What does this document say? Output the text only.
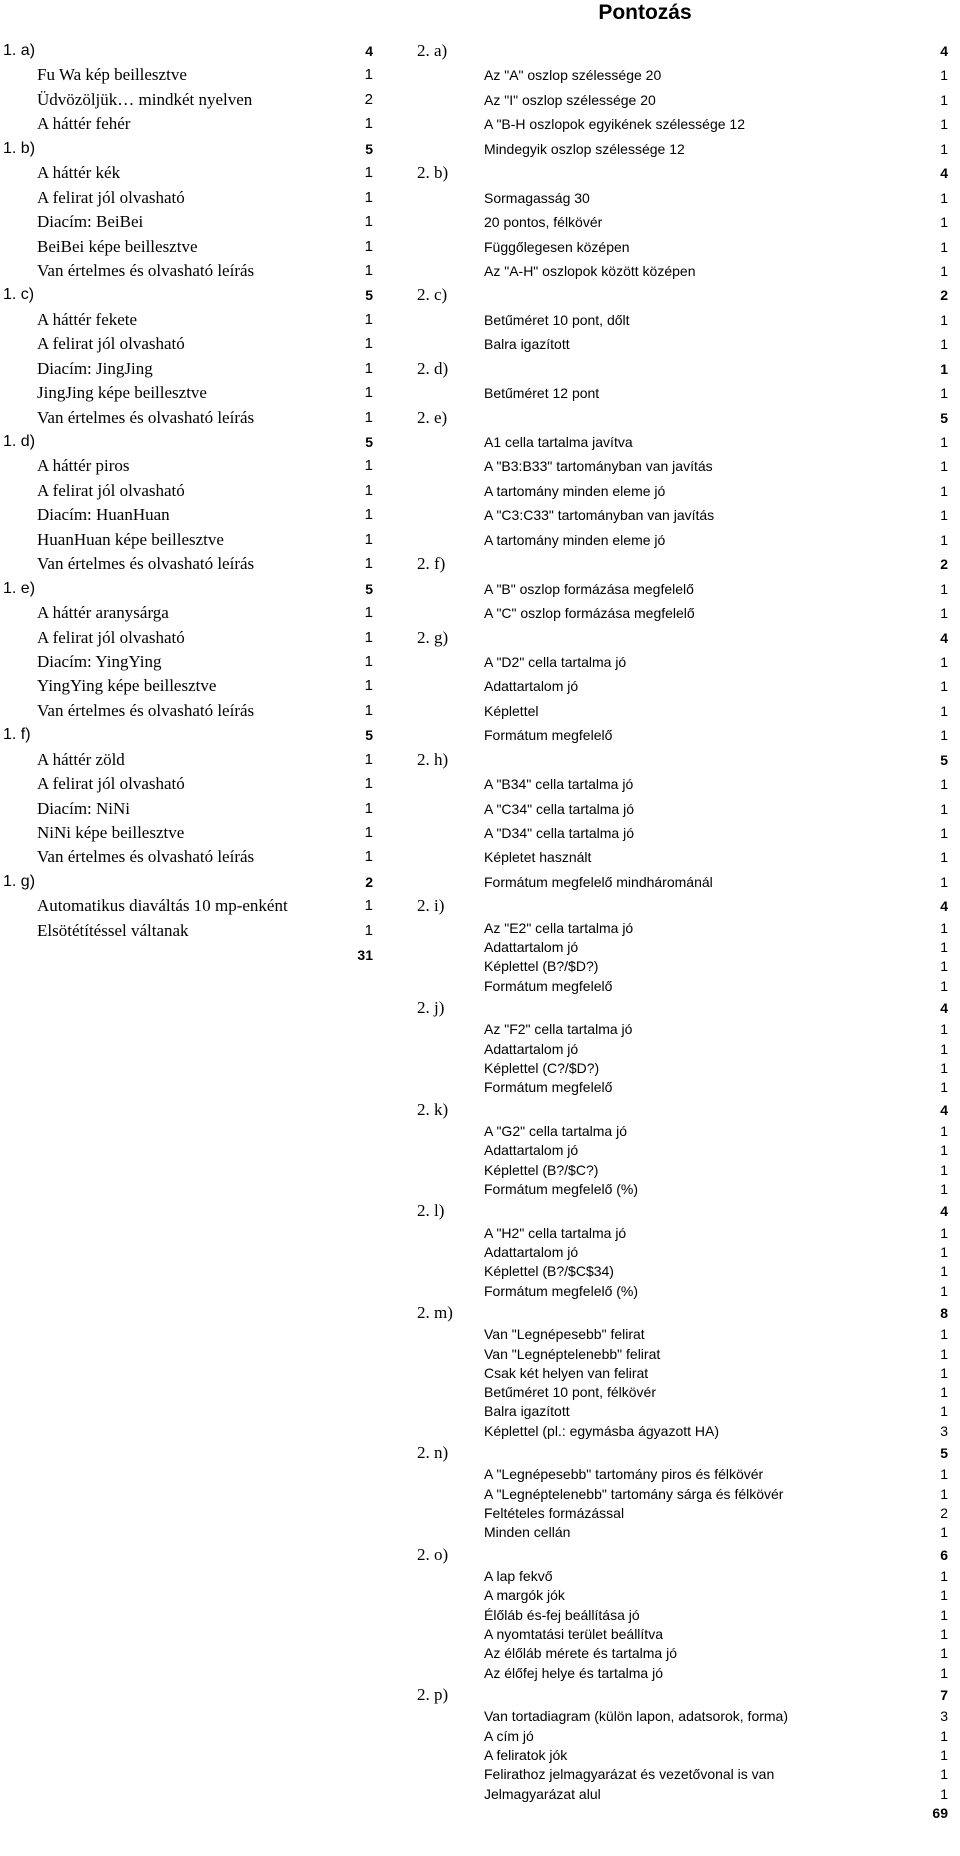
Pontozás
1. a)	4
Fu Wa kép beillesztve	1
Üdvözöljük… mindkét nyelven	2
A háttér fehér	1
1. b)	5
A háttér kék	1
A felirat jól olvasható	1
Diacím: BeiBei	1
BeiBei képe beillesztve	1
Van értelmes és olvasható leírás	1
1. c)	5
A háttér fekete	1
A felirat jól olvasható	1
Diacím: JingJing	1
JingJing képe beillesztve	1
Van értelmes és olvasható leírás	1
1. d)	5
A háttér piros	1
A felirat jól olvasható	1
Diacím: HuanHuan	1
HuanHuan képe beillesztve	1
Van értelmes és olvasható leírás	1
1. e)	5
A háttér aranysárga	1
A felirat jól olvasható	1
Diacím: YingYing	1
YingYing képe beillesztve	1
Van értelmes és olvasható leírás	1
1. f)	5
A háttér zöld	1
A felirat jól olvasható	1
Diacím: NiNi	1
NiNi képe beillesztve	1
Van értelmes és olvasható leírás	1
1. g)	2
Automatikus diaváltás 10 mp-enként	1
Elsötétítéssel váltanak	1
31
2. a)	4
Az "A" oszlop szélessége 20	1
Az "I" oszlop szélessége 20	1
A "B-H oszlopok egyikének szélessége 12	1
Mindegyik oszlop szélessége 12	1
2. b)	4
Sormagasság 30	1
20 pontos, félkövér	1
Függőlegesen középen	1
Az "A-H" oszlopok között középen	1
2. c)	2
Betűméret 10 pont, dőlt	1
Balra igazított	1
2. d)	1
Betűméret 12 pont	1
2. e)	5
A1 cella tartalma javítva	1
A "B3:B33" tartományban van javítás	1
A tartomány minden eleme jó	1
A "C3:C33" tartományban van javítás	1
A tartomány minden eleme jó	1
2. f)	2
A "B" oszlop formázása megfelelő	1
A "C" oszlop formázása megfelelő	1
2. g)	4
A "D2" cella tartalma jó	1
Adattartalom jó	1
Képlettel	1
Formátum megfelelő	1
2. h)	5
A "B34" cella tartalma jó	1
A "C34" cella tartalma jó	1
A "D34" cella tartalma jó	1
Képletet használt	1
Formátum megfelelő mindhárománál	1
2. i)	4
Az "E2" cella tartalma jó	1
Adattartalom jó	1
Képlettel (B?/$D?)	1
Formátum megfelelő	1
2. j)	4
Az "F2" cella tartalma jó	1
Adattartalom jó	1
Képlettel (C?/$D?)	1
Formátum megfelelő	1
2. k)	4
A "G2" cella tartalma jó	1
Adattartalom jó	1
Képlettel (B?/$C?)	1
Formátum megfelelő (%)	1
2. l)	4
A "H2" cella tartalma jó	1
Adattartalom jó	1
Képlettel (B?/$C$34)	1
Formátum megfelelő (%)	1
2. m)	8
Van "Legnépesebb" felirat	1
Van "Legnéptelenebb" felirat	1
Csak két helyen van felirat	1
Betűméret 10 pont, félkövér	1
Balra igazított	1
Képlettel (pl.: egymásba ágyazott HA)	3
2. n)	5
A "Legnépesebb" tartomány piros és félkövér	1
A "Legnéptelenebb" tartomány sárga és félkövér	1
Feltételes formázással	2
Minden cellán	1
2. o)	6
A lap fekvő	1
A margók jók	1
Élőláb és-fej beállítása jó	1
A nyomtatási terület beállítva	1
Az élőláb mérete és tartalma jó	1
Az élőfej helye és tartalma jó	1
2. p)	7
Van tortadiagram (külön lapon, adatsorok, forma)	3
A cím jó	1
A feliratok jók	1
Felirathoz jelmagyarázat és vezetővonal is van	1
Jelmagyarázat alul	1
69
